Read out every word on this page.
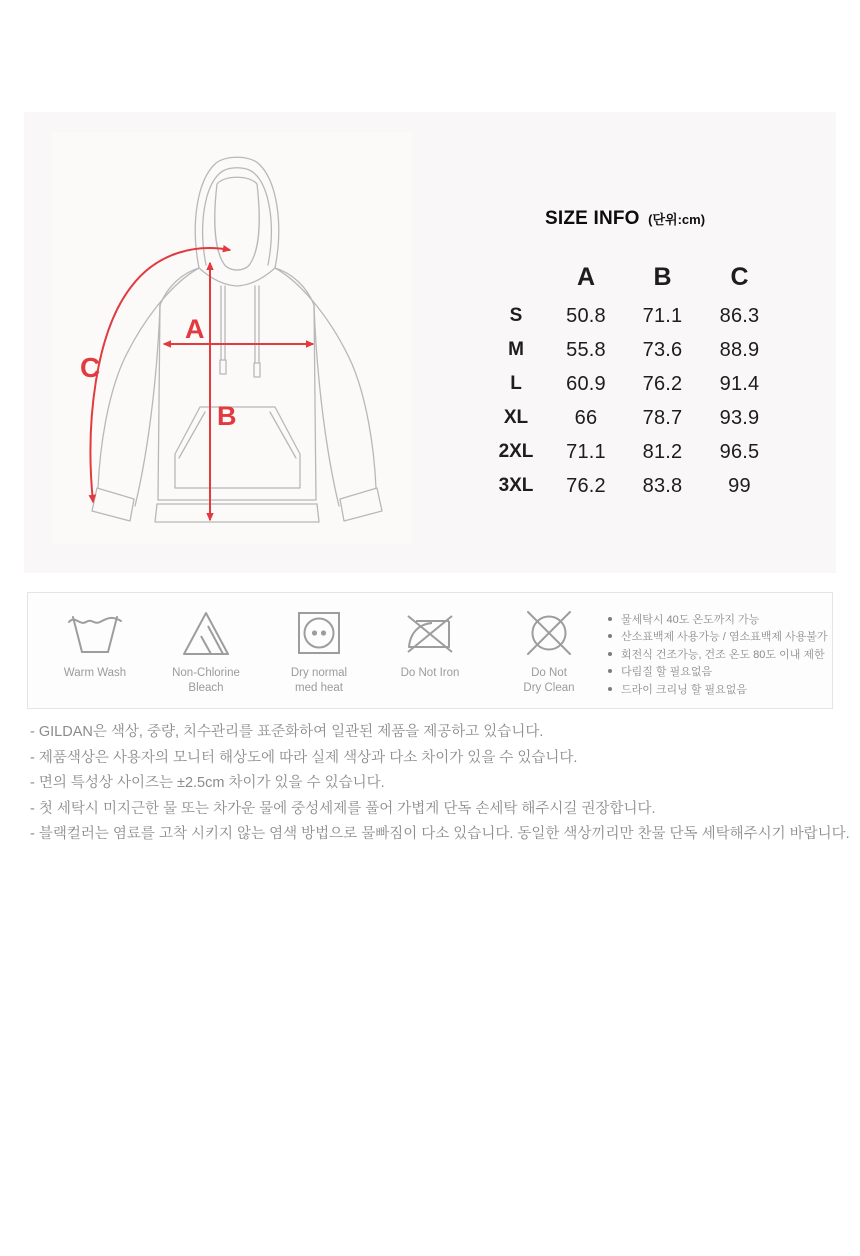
A
B
C
SIZE INFO (단위:cm)
A	B	C
S	50.8	71.1	86.3
M	55.8	73.6	88.9
L	60.9	76.2	91.4
XL	66	78.7	93.9
2XL	71.1	81.2	96.5
3XL	76.2	83.8	99
Warm Wash	Non-Chlorine
Bleach
Dry normal
med heat
Do Not Iron	Do Not
Dry Clean
물세탁시 40도 온도까지 가능
산소표백제 사용가능 / 염소표백제 사용불가
회전식 건조가능, 건조 온도 80도 이내 제한
다림질 할 필요없음
드라이 크리닝 할 필요없음

- GILDAN은 색상, 중량, 치수관리를 표준화하여 일관된 제품을 제공하고 있습니다.

- 제품색상은 사용자의 모니터 해상도에 따라 실제 색상과 다소 차이가 있을 수 있습니다.

- 면의 특성상 사이즈는 ±2.5cm 차이가 있을 수 있습니다.

- 첫 세탁시 미지근한 물 또는 차가운 물에 중성세제를 풀어 가볍게 단독 손세탁 해주시길 권장합니다.

- 블랙컬러는 염료를 고착 시키지 않는 염색 방법으로 물빠짐이 다소 있습니다. 동일한 색상끼리만 찬물 단독 세탁해주시기 바랍니다.
